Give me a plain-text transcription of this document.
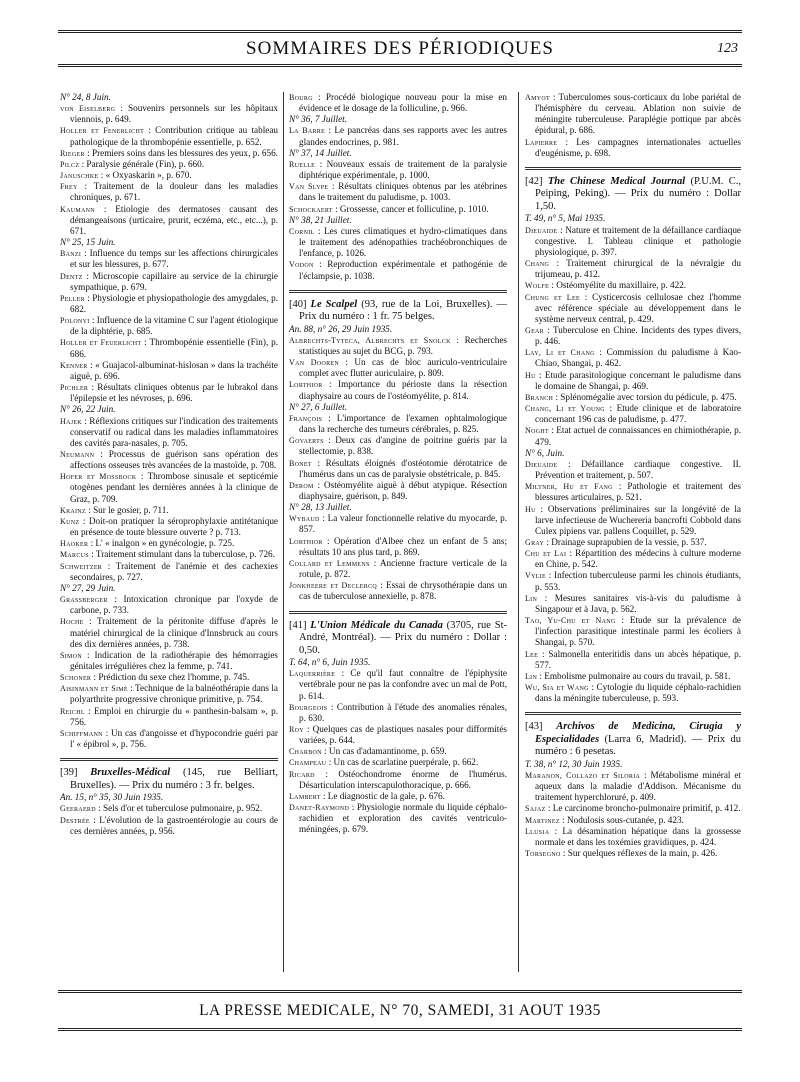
SOMMAIRES DES PÉRIODIQUES	123

N° 24, 8 Juin.

von Eiselberg : Souvenirs personnels sur les hôpitaux viennois, p. 649.

Holler et Fenerlicht : Contribution critique au tableau pathologique de la thrombopénie essentielle, p. 652.

Rieger : Premiers soins dans les blessures des yeux, p. 656.

Pilcz : Paralysie générale (Fin), p. 660.

Januschke : « Oxyaskarin », p. 670.

Frey : Traitement de la douleur dans les maladies chroniques, p. 671.

Kaumann : Etiologie des dermatoses causant des démangeaisons (urticaire, prurit, eczéma, etc., etc...), p. 671.

N° 25, 15 Juin.

Banzi : Influence du temps sur les affections chirurgicales et sur les blessures, p. 677.

Dentz : Microscopie capillaire au service de la chirurgie sympathique, p. 679.

Peller : Physiologie et physiopathologie des amygdales, p. 682.

Polonyi : Influence de la vitamine C sur l'agent étiologique de la diphtérie, p. 685.

Holler et Feuerlicht : Thrombopénie essentielle (Fin), p. 686.

Kenner : « Guajacol-albuminat-hislosan » dans la trachéite aiguë, p. 696.

Pichler : Résultats cliniques obtenus par le lubrakol dans l'épilepsie et les névroses, p. 696.

N° 26, 22 Juin.

Hajek : Réflexions critiques sur l'indication des traitements conservatif ou radical dans les maladies inflammatoires des cavités para-nasales, p. 705.

Neumann : Processus de guérison sans opération des affections osseuses très avancées de la mastoïde, p. 708.

Hofer et Mossbock : Thrombose sinusale et septicémie otogènes pendant les dernières années à la clinique de Graz, p. 709.

Krainz : Sur le gosier, p. 711.

Kunz : Doit-on pratiquer la séroprophylaxie antitétanique en présence de toute blessure ouverte ? p. 713.

Haoker : L' « inalgon » en gynécologie, p. 725.

Marcus : Traitement stimulant dans la tuberculose, p. 726.

Schweitzer : Traitement de l'anémie et des cachexies secondaires, p. 727.

N° 27, 29 Juin.

Grassberger : Intoxication chronique par l'oxyde de carbone, p. 733.

Hoche : Traitement de la péritonite diffuse d'après le matériel chirurgical de la clinique d'Innsbruck au cours des dix dernières années, p. 738.

Simon : Indication de la radiothérapie des hémorragies génitales irrégulières chez la femme, p. 741.

Schoner : Prédiction du sexe chez l'homme, p. 745.

Aisinmann et Simé : Technique de la balnéothérapie dans la polyarthrite progressive chronique primitive, p. 754.

Reichl : Emploi en chirurgie du « panthesin-balsam », p. 756.

Schiffmann : Un cas d'angoisse et d'hypocondrie guéri par l' « épibrol », p. 756.

[39] Bruxelles-Médical (145, rue Belliart, Bruxelles). — Prix du numéro : 3 fr. belges.

An. 15, n° 35, 30 Juin 1935.

Geeraerd : Sels d'or et tuberculose pulmonaire, p. 952.

Destrée : L'évolution de la gastroentérologie au cours de ces dernières années, p. 956.

Bourg : Procédé biologique nouveau pour la mise en évidence et le dosage de la folliculine, p. 966.

N° 36, 7 Juillet.

La Barre : Le pancréas dans ses rapports avec les autres glandes endocrines, p. 981.

N° 37, 14 Juillet.

Ruelle : Nouveaux essais de traitement de la paralysie diphtérique expérimentale, p. 1000.

Van Slype : Résultats cliniques obtenus par les atébrines dans le traitement du paludisme, p. 1003.

Schockaert : Grossesse, cancer et folliculine, p. 1010.

N° 38, 21 Juillet.

Cornil : Les cures climatiques et hydro-climatiques dans le traitement des adénopathies trachéobronchiques de l'enfance, p. 1026.

Vodon : Reproduction expérimentale et pathogénie de l'éclampsie, p. 1038.

[40] Le Scalpel (93, rue de la Loi, Bruxelles). — Prix du numéro : 1 fr. 75 belges.

An. 88, n° 26, 29 Juin 1935.

Albrechts-Tyteca, Albrechts et Snolck : Recherches statistiques au sujet du BCG, p. 793.

Van Dooren : Un cas de bloc auriculo-ventriculaire complet avec flutter auriculaire, p. 809.

Lorthior : Importance du périoste dans la résection diaphysaire au cours de l'ostéomyélite, p. 814.

N° 27, 6 Juillet.

François : L'importance de l'examen ophtalmologique dans la recherche des tumeurs cérébrales, p. 825.

Govaerts : Deux cas d'angine de poitrine guéris par la stellectomie, p. 838.

Bonet : Résultats éloignés d'ostéotomie dérotatrice de l'humérus dans un cas de paralysie obstétricale, p. 845.

Derom : Ostéomyélite aiguë à début atypique. Résection diaphysaire, guérison, p. 849.

N° 28, 13 Juillet.

Wybaud : La valeur fonctionnelle relative du myocarde, p. 857.

Lorthior : Opération d'Albee chez un enfant de 5 ans; résultats 10 ans plus tard, p. 869.

Collard et Lemmens : Ancienne fracture verticale de la rotule, p. 872.

Jonkheere et Declercq : Essai de chrysothérapie dans un cas de tuberculose annexielle, p. 878.

[41] L'Union Médicale du Canada (3705, rue St-André, Montréal). — Prix du numéro : Dollar : 0,50.

T. 64, n° 6, Juin 1935.

Laquerrière : Ce qu'il faut connaître de l'épiphysite vertébrale pour ne pas la confondre avec un mal de Pott, p. 614.

Bourgeois : Contribution à l'étude des anomalies rénales, p. 630.

Roy : Quelques cas de plastiques nasales pour difformités variées, p. 644.

Charbon : Un cas d'adamantinome, p. 659.

Champeau : Un cas de scarlatine puerpérale, p. 662.

Ricard : Ostéochondrome énorme de l'humérus. Désarticulation interscapulothoracique, p. 666.

Lambert : Le diagnostic de la gale, p. 676.

Danet-Raymond : Physiologie normale du liquide céphalo-rachidien et exploration des cavités ventriculo-méningées, p. 679.

Amyot : Tuberculomes sous-corticaux du lobe pariétal de l'hémisphère du cerveau. Ablation non suivie de méningite tuberculeuse. Paraplégie pottique par abcès épidural, p. 686.

Lapierre : Les campagnes internationales actuelles d'eugénisme, p. 698.

[42] The Chinese Medical Journal (P.U.M. C., Peiping, Peking). — Prix du numéro : Dollar 1,50.

T. 49, n° 5, Mai 1935.

Dieuaide : Nature et traitement de la défaillance cardiaque congestive. I. Tableau clinique et pathologie physiologique, p. 397.

Chang : Traitement chirurgical de la névralgie du trijumeau, p. 412.

Wolfe : Ostéomyélite du maxillaire, p. 422.

Chung et Lee : Cysticercosis cellulosae chez l'homme avec référence spéciale au développement dans le système nerveux central, p. 429.

Gear : Tuberculose en Chine. Incidents des types divers, p. 446.

Lay, Li et Chang : Commission du paludisme à Kao-Chiao, Shangai, p. 462.

Hu : Etude parasitologique concernant le paludisme dans le domaine de Shangai, p. 469.

Branch : Splénomégalie avec torsion du pédicule, p. 475.

Chang, Li et Young : Etude clinique et de laboratoire concernant 196 cas de paludisme, p. 477.

Noght : Etat actuel de connaissances en chimiothérapie, p. 479.

N° 6, Juin.

Dieuaide : Défaillance cardiaque congestive. II. Prévention et traitement, p. 507.

Miltner, Hu et Fang : Pathologie et traitement des blessures articulaires, p. 521.

Hu : Observations préliminaires sur la longévité de la larve infectieuse de Wuchereria bancrofti Cobbold dans Culex pipiens var. pallens Coquillet, p. 529.

Gray : Drainage suprapubien de la vessie, p. 537.

Chu et Lai : Répartition des médecins à culture moderne en Chine, p. 542.

Vylie : Infection tuberculeuse parmi les chinois étudiants, p. 553.

Lin : Mesures sanitaires vis-à-vis du paludisme à Singapour et à Java, p. 562.

Tao, Yu-Chu et Nang : Etude sur la prévalence de l'infection parasitique intestinale parmi les écoliers à Shangai, p. 570.

Lee : Salmonella enteritidis dans un abcès hépatique, p. 577.

Lin : Embolisme pulmonaire au cours du travail, p. 581.

Wu, Sia et Wang : Cytologie du liquide céphalo-rachidien dans la méningite tuberculeuse, p. 593.

[43] Archivos de Medicina, Cirugia y Especialidades (Larra 6, Madrid). — Prix du numéro : 6 pesetas.

T. 38, n° 12, 30 Juin 1935.

Maranon, Collazo et Siloria : Métabolisme minéral et aqueux dans la maladie d'Addison. Mécanisme du traitement hyperchloruré, p. 409.

Sajaz : Le carcinome broncho-pulmonaire primitif, p. 412.

Martinez : Nodulosis sous-cutanée, p. 423.

Llusia : La désamination hépatique dans la grossesse normale et dans les toxémies gravidiques, p. 424.

Torsegno : Sur quelques réflexes de la main, p. 426.

LA PRESSE MEDICALE, N° 70, SAMEDI, 31 AOUT 1935
